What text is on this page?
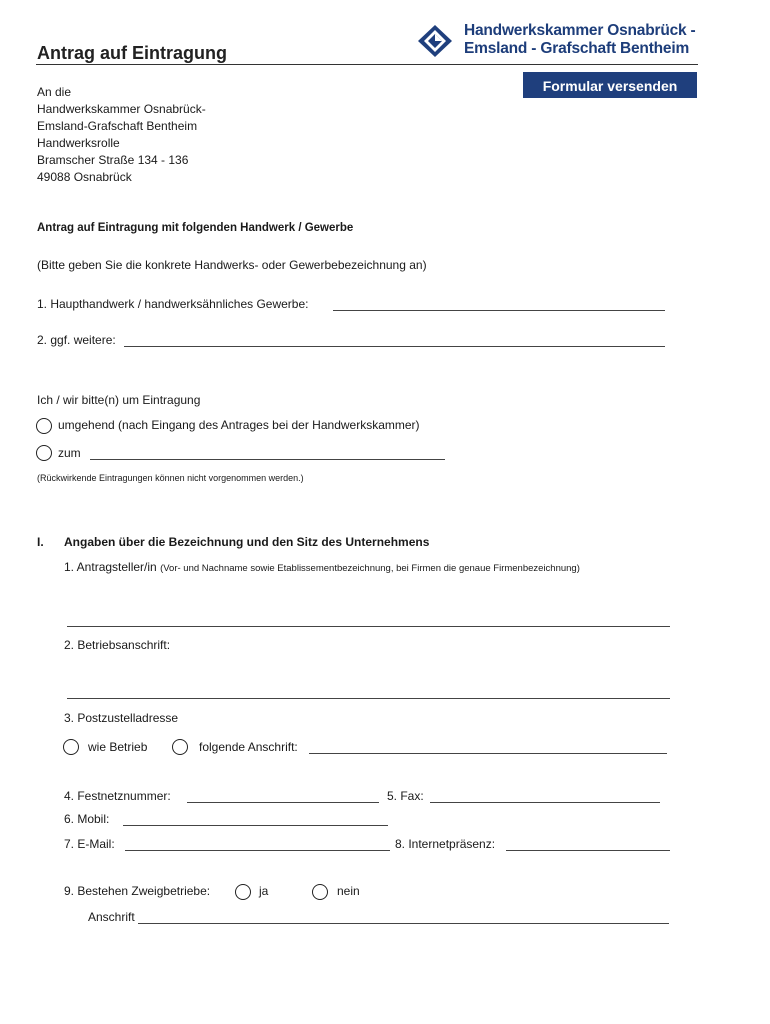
Antrag auf Eintragung
Handwerkskammer Osnabrück -
Emsland - Grafschaft Bentheim
Formular versenden
An die
Handwerkskammer Osnabrück-
Emsland-Grafschaft Bentheim
Handwerksrolle
Bramscher Straße 134 - 136
49088 Osnabrück
Antrag auf Eintragung mit folgenden Handwerk / Gewerbe
(Bitte geben Sie die konkrete Handwerks- oder Gewerbebezeichnung an)
1. Haupthandwerk / handwerksähnliches Gewerbe:
2. ggf. weitere:
Ich / wir bitte(n) um Eintragung
umgehend (nach Eingang des Antrages bei der Handwerkskammer)
zum
(Rückwirkende Eintragungen können nicht vorgenommen werden.)
I. Angaben über die Bezeichnung und den Sitz des Unternehmens
1. Antragsteller/in (Vor- und Nachname sowie Etablissementbezeichnung, bei Firmen die genaue Firmenbezeichnung)
2. Betriebsanschrift:
3. Postzustelladresse
wie Betrieb	folgende Anschrift:
4. Festnetznummer:	5. Fax:
6. Mobil:
7. E-Mail:	8. Internetpräsenz:
9. Bestehen Zweigbetriebe:	ja	nein
Anschrift
